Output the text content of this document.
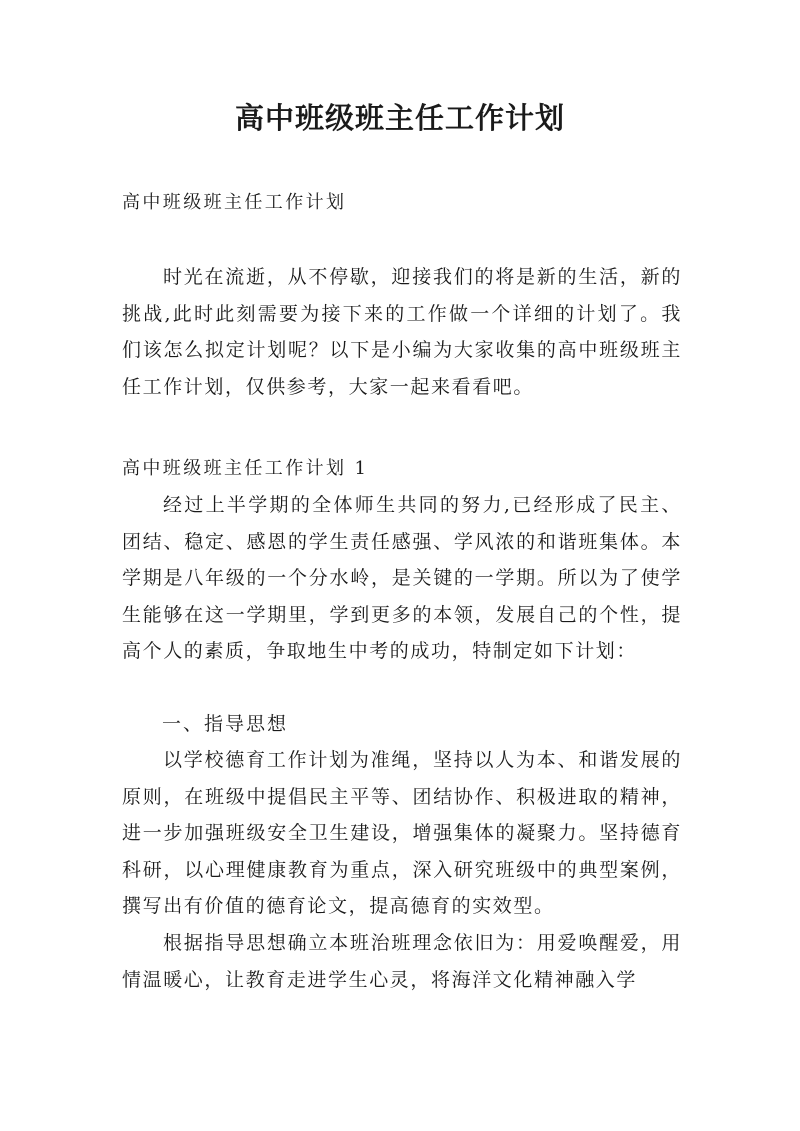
高中班级班主任工作计划
高中班级班主任工作计划

时光在流逝，从不停歇，迎接我们的将是新的生活，新的挑战,此时此刻需要为接下来的工作做一个详细的计划了。我们该怎么拟定计划呢？以下是小编为大家收集的高中班级班主任工作计划，仅供参考，大家一起来看看吧。

高中班级班主任工作计划 1

经过上半学期的全体师生共同的努力,已经形成了民主、团结、稳定、感恩的学生责任感强、学风浓的和谐班集体。本学期是八年级的一个分水岭，是关键的一学期。所以为了使学生能够在这一学期里，学到更多的本领，发展自己的个性，提高个人的素质，争取地生中考的成功，特制定如下计划：

一、指导思想

以学校德育工作计划为准绳，坚持以人为本、和谐发展的原则，在班级中提倡民主平等、团结协作、积极进取的精神，进一步加强班级安全卫生建设，增强集体的凝聚力。坚持德育科研，以心理健康教育为重点，深入研究班级中的典型案例，撰写出有价值的德育论文，提高德育的实效型。

根据指导思想确立本班治班理念依旧为：用爱唤醒爱，用情温暖心，让教育走进学生心灵，将海洋文化精神融入学
